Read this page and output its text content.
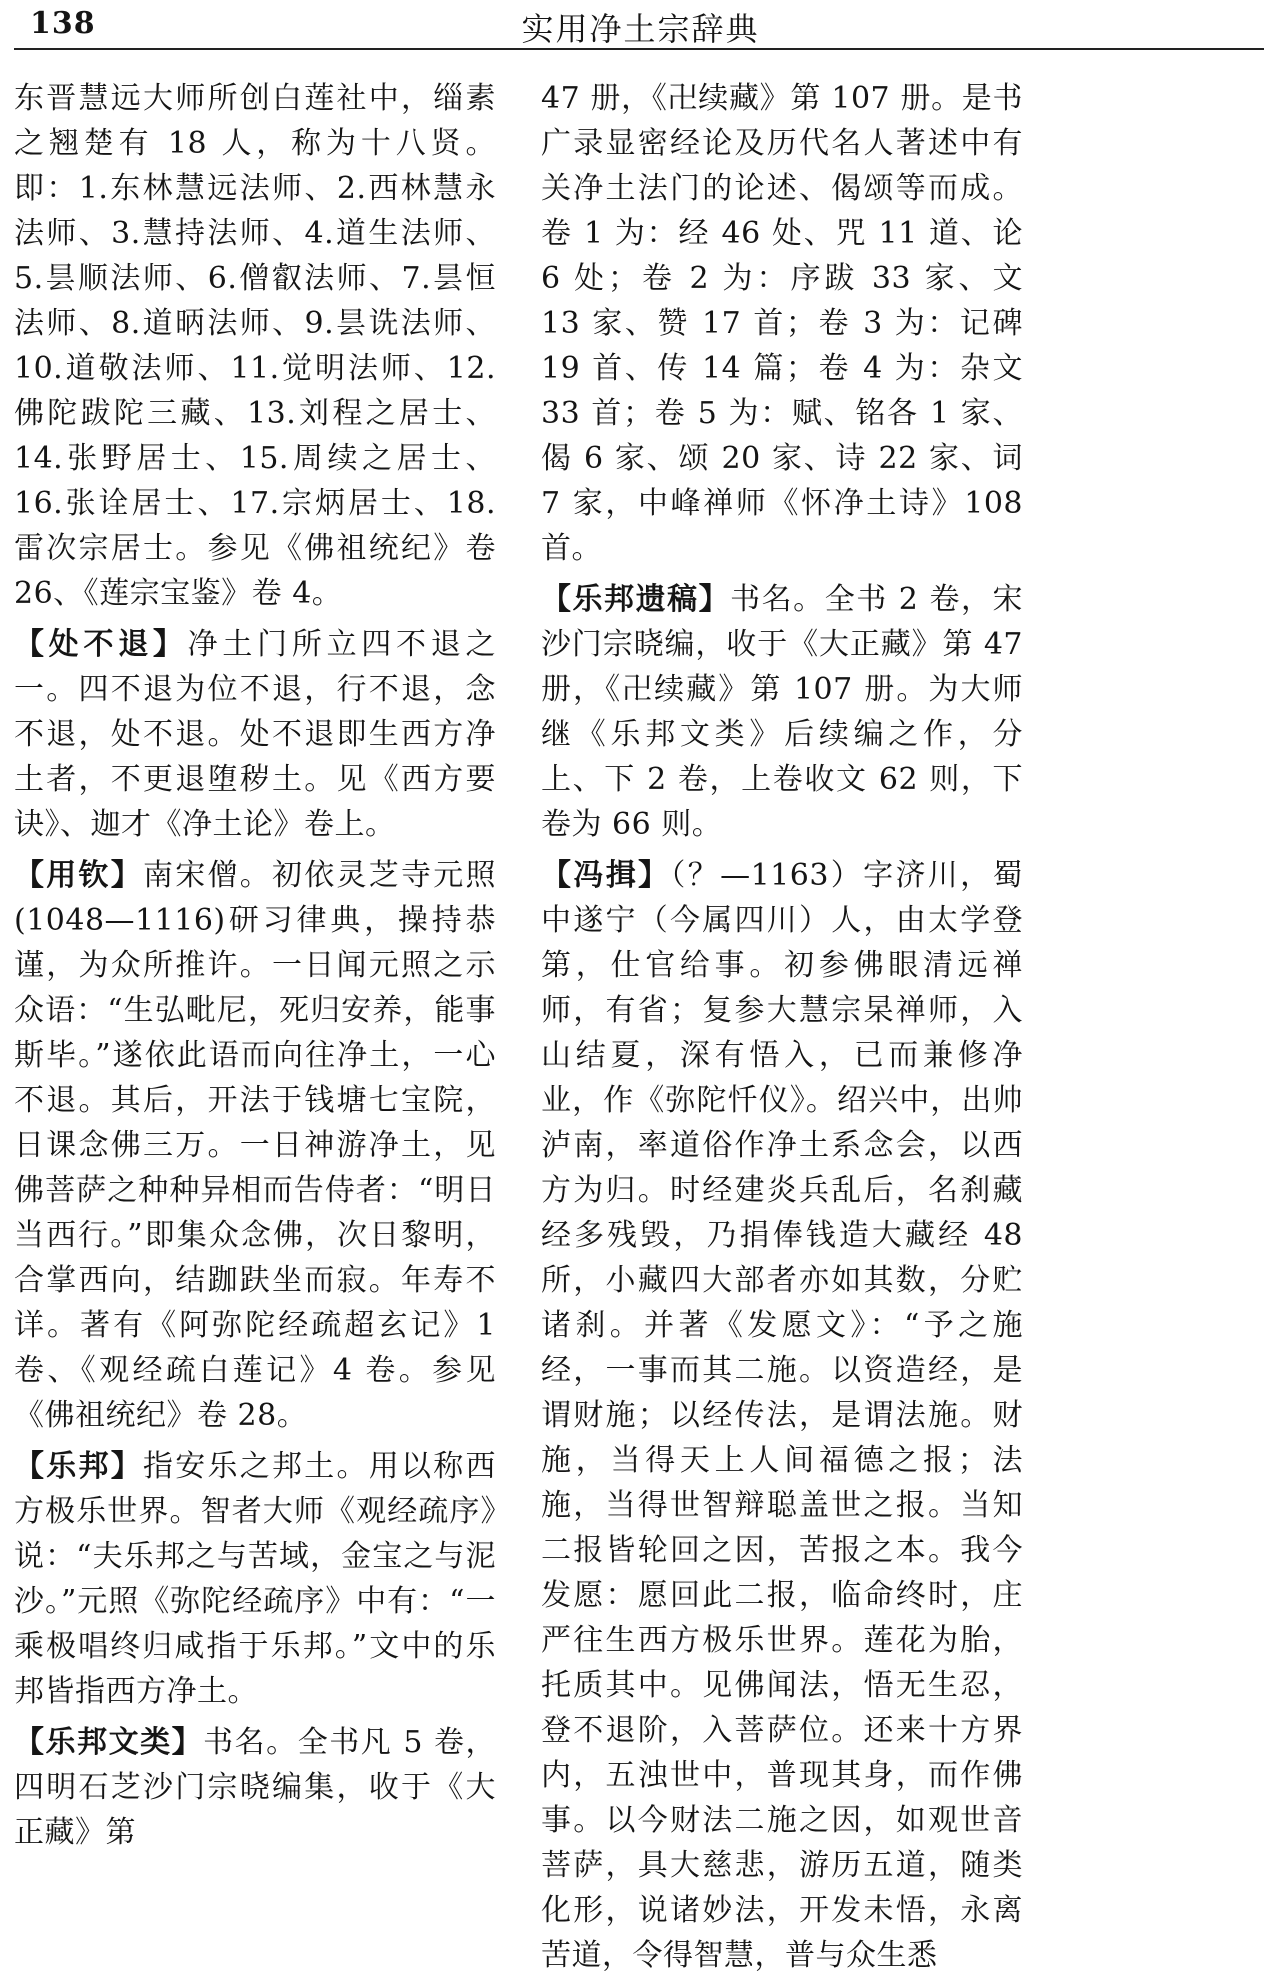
138	实用净土宗辞典

东晋慧远大师所创白莲社中，缁素之翘楚有 18 人，称为十八贤。即：1.东林慧远法师、2.西林慧永法师、3.慧持法师、4.道生法师、5.昙顺法师、6.僧叡法师、7.昙恒法师、8.道昞法师、9.昙诜法师、10.道敬法师、11.觉明法师、12.佛陀跋陀三藏、13.刘程之居士、14.张野居士、15.周续之居士、16.张诠居士、17.宗炳居士、18.雷次宗居士。参见《佛祖统纪》卷 26、《莲宗宝鉴》卷 4。

【处不退】净土门所立四不退之一。四不退为位不退，行不退，念不退，处不退。处不退即生西方净土者，不更退堕秽土。见《西方要诀》、迦才《净土论》卷上。

【用钦】南宋僧。初依灵芝寺元照(1048—1116)研习律典，操持恭谨，为众所推许。一日闻元照之示众语：“生弘毗尼，死归安养，能事斯毕。”遂依此语而向往净土，一心不退。其后，开法于钱塘七宝院，日课念佛三万。一日神游净土，见佛菩萨之种种异相而告侍者：“明日当西行。”即集众念佛，次日黎明，合掌西向，结跏趺坐而寂。年寿不详。著有《阿弥陀经疏超玄记》1卷、《观经疏白莲记》4 卷。参见《佛祖统纪》卷 28。

【乐邦】指安乐之邦土。用以称西方极乐世界。智者大师《观经疏序》说：“夫乐邦之与苦域，金宝之与泥沙。”元照《弥陀经疏序》中有：“一乘极唱终归咸指于乐邦。”文中的乐邦皆指西方净土。

【乐邦文类】书名。全书凡 5 卷，四明石芝沙门宗晓编集，收于《大正藏》第

47 册，《卍续藏》第 107 册。是书广录显密经论及历代名人著述中有关净土法门的论述、偈颂等而成。卷 1 为：经 46 处、咒 11 道、论 6 处；卷 2 为：序跋 33 家、文 13 家、赞 17 首；卷 3 为：记碑 19 首、传 14 篇；卷 4 为：杂文 33 首；卷 5 为：赋、铭各 1 家、偈 6 家、颂 20 家、诗 22 家、词 7 家，中峰禅师《怀净土诗》108 首。

【乐邦遗稿】书名。全书 2 卷，宋沙门宗晓编，收于《大正藏》第 47 册，《卍续藏》第 107 册。为大师继《乐邦文类》后续编之作，分上、下 2 卷，上卷收文 62 则，下卷为 66 则。

【冯揖】（？—1163）字济川，蜀中遂宁（今属四川）人，由太学登第，仕官给事。初参佛眼清远禅师，有省；复参大慧宗杲禅师，入山结夏，深有悟入，已而兼修净业，作《弥陀忏仪》。绍兴中，出帅泸南，率道俗作净土系念会，以西方为归。时经建炎兵乱后，名刹藏经多残毁，乃捐俸钱造大藏经 48 所，小藏四大部者亦如其数，分贮诸刹。并著《发愿文》：“予之施经，一事而其二施。以资造经，是谓财施；以经传法，是谓法施。财施，当得天上人间福德之报；法施，当得世智辩聪盖世之报。当知二报皆轮回之因，苦报之本。我今发愿：愿回此二报，临命终时，庄严往生西方极乐世界。莲花为胎，托质其中。见佛闻法，悟无生忍，登不退阶，入菩萨位。还来十方界内，五浊世中，普现其身，而作佛事。以今财法二施之因，如观世音菩萨，具大慈悲，游历五道，随类化形，说诸妙法，开发未悟，永离苦道，令得智慧，普与众生悉
